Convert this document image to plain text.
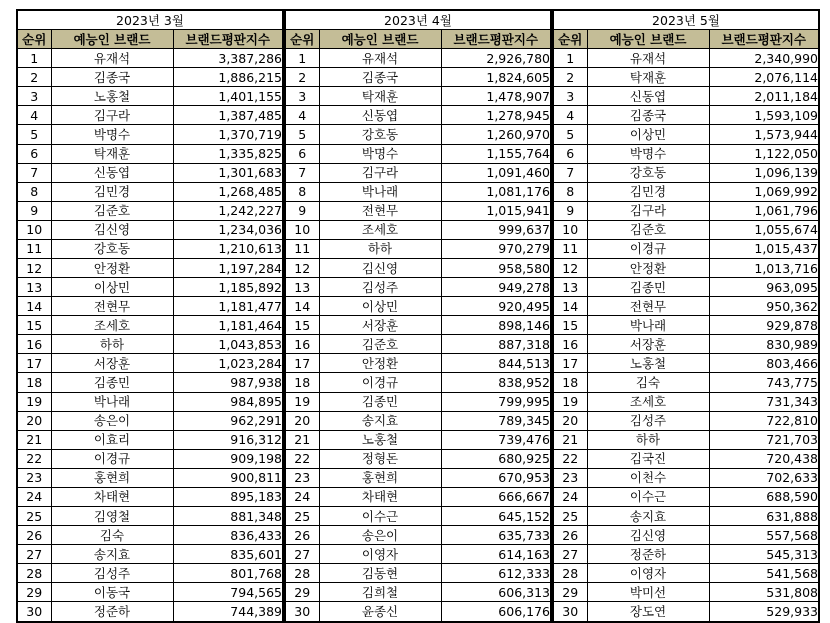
2023년 3월		
순위	예능인 브랜드	브랜드평판지수
1	유재석	3,387,286
2	김종국	1,886,215
3	노홍철	1,401,155
4	김구라	1,387,485
5	박명수	1,370,719
6	탁재훈	1,335,825
7	신동엽	1,301,683
8	김민경	1,268,485
9	김준호	1,242,227
10	김신영	1,234,036
11	강호동	1,210,613
12	안정환	1,197,284
13	이상민	1,185,892
14	전현무	1,181,477
15	조세호	1,181,464
16	하하	1,043,853
17	서장훈	1,023,284
18	김종민	987,938
19	박나래	984,895
20	송은이	962,291
21	이효리	916,312
22	이경규	909,198
23	홍현희	900,811
24	차태현	895,183
25	김영철	881,348
26	김숙	836,433
27	송지효	835,601
28	김성주	801,768
29	이동국	794,565
30	정준하	744,389
2023년 4월		
순위	예능인 브랜드	브랜드평판지수
1	유재석	2,926,780
2	김종국	1,824,605
3	탁재훈	1,478,907
4	신동엽	1,278,945
5	강호동	1,260,970
6	박명수	1,155,764
7	김구라	1,091,460
8	박나래	1,081,176
9	전현무	1,015,941
10	조세호	999,637
11	하하	970,279
12	김신영	958,580
13	김성주	949,278
14	이상민	920,495
15	서장훈	898,146
16	김준호	887,318
17	안정환	844,513
18	이경규	838,952
19	김종민	799,995
20	송지효	789,345
21	노홍철	739,476
22	정형돈	680,925
23	홍현희	670,953
24	차태현	666,667
25	이수근	645,152
26	송은이	635,733
27	이영자	614,163
28	김동현	612,333
29	김희철	606,313
30	윤종신	606,176
2023년 5월		
순위	예능인 브랜드	브랜드평판지수
1	유재석	2,340,990
2	탁재훈	2,076,114
3	신동엽	2,011,184
4	김종국	1,593,109
5	이상민	1,573,944
6	박명수	1,122,050
7	강호동	1,096,139
8	김민경	1,069,992
9	김구라	1,061,796
10	김준호	1,055,674
11	이경규	1,015,437
12	안정환	1,013,716
13	김종민	963,095
14	전현무	950,362
15	박나래	929,878
16	서장훈	830,989
17	노홍철	803,466
18	김숙	743,775
19	조세호	731,343
20	김성주	722,810
21	하하	721,703
22	김국진	720,438
23	이천수	702,633
24	이수근	688,590
25	송지효	631,888
26	김신영	557,568
27	정준하	545,313
28	이영자	541,568
29	박미선	531,808
30	장도연	529,933
